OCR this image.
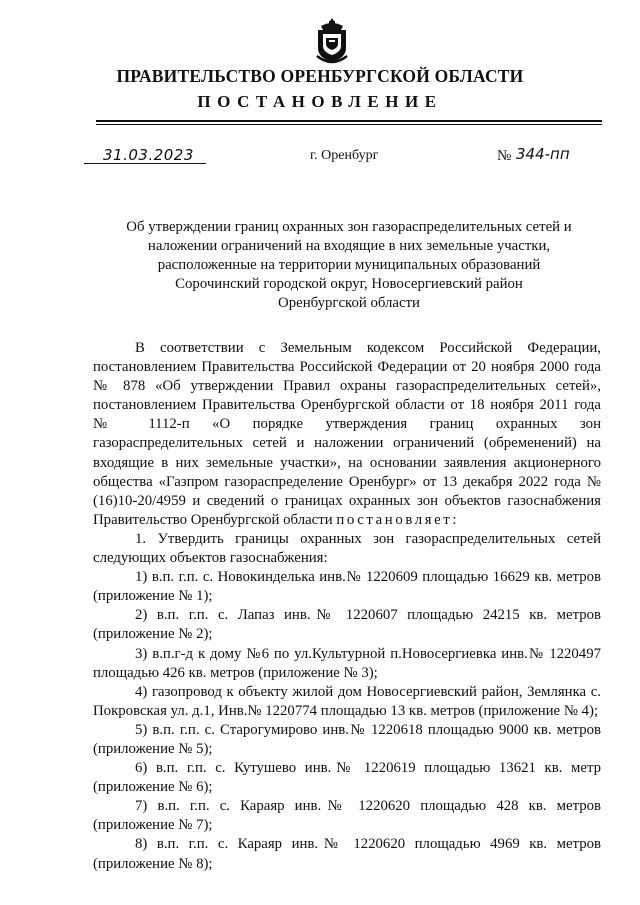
ПРАВИТЕЛЬСТВО ОРЕНБУРГСКОЙ ОБЛАСТИ
ПОСТАНОВЛЕНИЕ
31.03.2023	г. Оренбург	№ 344-пп
Об утверждении границ охранных зон газораспределительных сетей и
наложении ограничений на входящие в них земельные участки,
расположенные на территории муниципальных образований
Сорочинский городской округ, Новосергиевский район
Оренбургской области

В соответствии с Земельным кодексом Российской Федерации, постановлением Правительства Российской Федерации от 20 ноября 2000 года № 878 «Об утверждении Правил охраны газораспределительных сетей», постановлением Правительства Оренбургской области от 18 ноября 2011 года № 1112-п «О порядке утверждения границ охранных зон газораспределительных сетей и наложении ограничений (обременений) на входящие в них земельные участки», на основании заявления акционерного общества «Газпром газораспределение Оренбург» от 13 декабря 2022 года № (16)10-20/4959 и сведений о границах охранных зон объектов газоснабжения Правительство Оренбургской области постановляет:

1. Утвердить границы охранных зон газораспределительных сетей следующих объектов газоснабжения:

1) в.п. г.п. с. Новокинделька инв.№ 1220609 площадью 16629 кв. метров (приложение № 1);

2) в.п. г.п. с. Лапаз инв.№ 1220607 площадью 24215 кв. метров (приложение № 2);

3) в.п.г-д к дому №6 по ул.Культурной п.Новосергиевка инв.№ 1220497 площадью 426 кв. метров (приложение № 3);

4) газопровод к объекту жилой дом Новосергиевский район, Землянка с. Покровская ул. д.1, Инв.№ 1220774 площадью 13 кв. метров (приложение № 4);

5) в.п. г.п. с. Старогумирово инв.№ 1220618 площадью 9000 кв. метров (приложение № 5);

6) в.п. г.п. с. Кутушево инв.№ 1220619 площадью 13621 кв. метр (приложение № 6);

7) в.п. г.п. с. Караяр инв.№ 1220620 площадью 428 кв. метров (приложение № 7);

8) в.п. г.п. с. Караяр инв.№ 1220620 площадью 4969 кв. метров (приложение № 8);
